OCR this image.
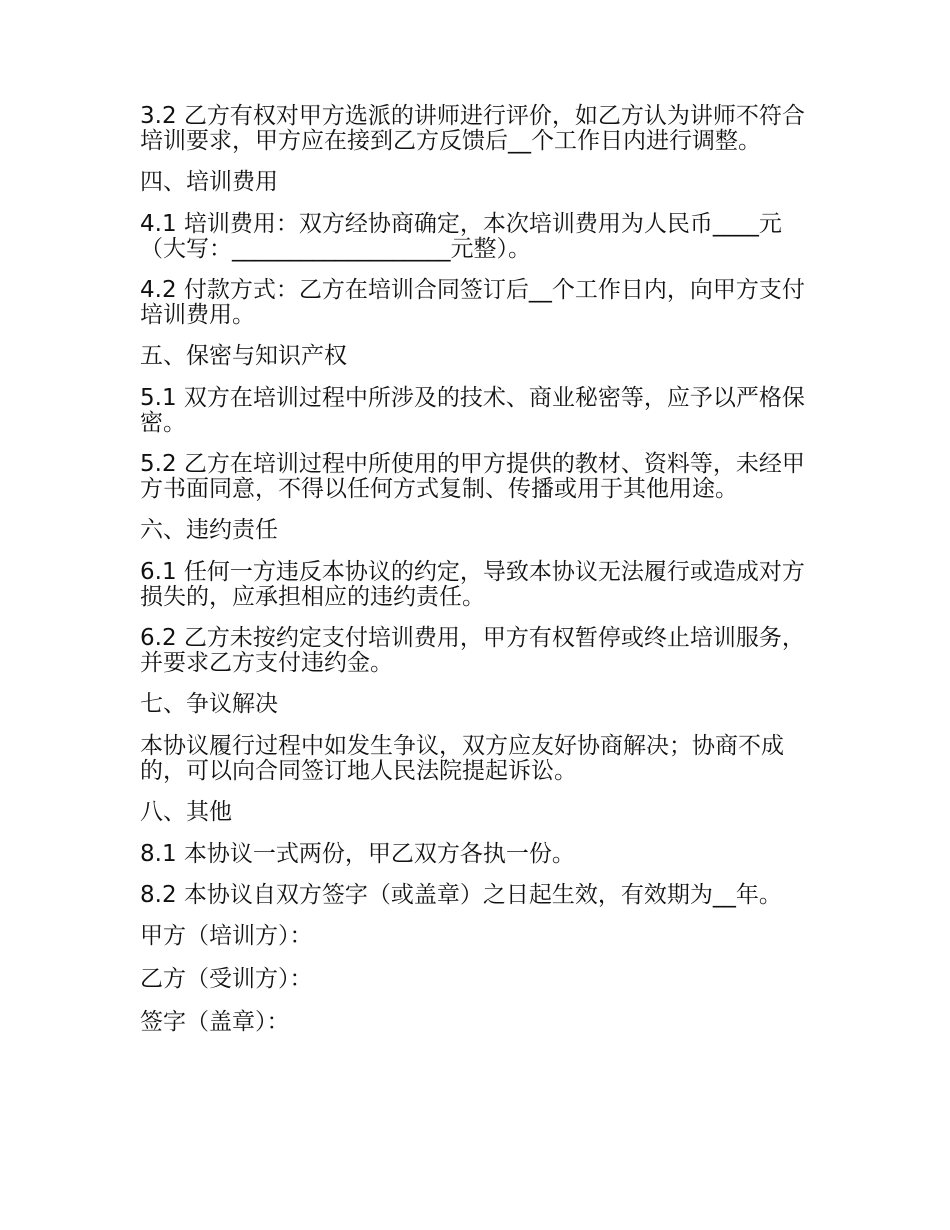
3.2 乙方有权对甲方选派的讲师进行评价，如乙方认为讲师不符合培训要求，甲方应在接到乙方反馈后__个工作日内进行调整。

四、培训费用

4.1 培训费用：双方经协商确定，本次培训费用为人民币____元（大写：___________________元整）。

4.2 付款方式：乙方在培训合同签订后__个工作日内，向甲方支付培训费用。

五、保密与知识产权

5.1 双方在培训过程中所涉及的技术、商业秘密等，应予以严格保密。

5.2 乙方在培训过程中所使用的甲方提供的教材、资料等，未经甲方书面同意，不得以任何方式复制、传播或用于其他用途。

六、违约责任

6.1 任何一方违反本协议的约定，导致本协议无法履行或造成对方损失的，应承担相应的违约责任。

6.2 乙方未按约定支付培训费用，甲方有权暂停或终止培训服务，并要求乙方支付违约金。

七、争议解决

本协议履行过程中如发生争议，双方应友好协商解决；协商不成的，可以向合同签订地人民法院提起诉讼。

八、其他

8.1 本协议一式两份，甲乙双方各执一份。

8.2 本协议自双方签字（或盖章）之日起生效，有效期为__年。

甲方（培训方）：

乙方（受训方）：

签字（盖章）：
